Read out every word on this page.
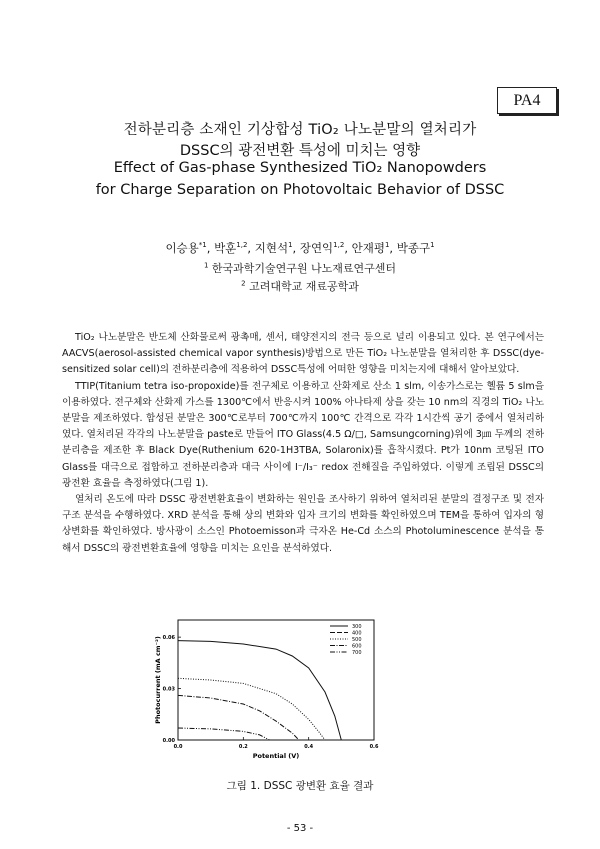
PA4
전하분리층 소재인 기상합성 TiO₂ 나노분말의 열처리가
DSSC의 광전변환 특성에 미치는 영향
Effect of Gas-phase Synthesized TiO₂ Nanopowders
for Charge Separation on Photovoltaic Behavior of DSSC
이승용$^{*1}$, 박훈$^{1,2}$, 지현석$^1$, 장연익$^{1,2}$, 안재평$^1$, 박종구$^1$
$^1$ 한국과학기술연구원 나노재료연구센터
$^2$ 고려대학교 재료공학과

TiO₂ 나노분말은 반도체 산화물로써 광촉매, 센서, 태양전지의 전극 등으로 널리 이용되고 있다. 본 연구에서는 AACVS(aerosol-assisted chemical vapor synthesis)방법으로 만든 TiO₂ 나노분말을 열처리한 후 DSSC(dye-sensitized solar cell)의 전하분리층에 적용하여 DSSC특성에 어떠한 영향을 미치는지에 대해서 알아보았다.

TTIP(Titanium tetra iso-propoxide)를 전구체로 이용하고 산화제로 산소 1 slm, 이송가스로는 헬륨 5 slm을 이용하였다. 전구체와 산화제 가스를 1300℃에서 반응시켜 100% 아나타제 상을 갖는 10 nm의 직경의 TiO₂ 나노분말을 제조하였다. 합성된 분말은 300℃로부터 700℃까지 100℃ 간격으로 각각 1시간씩 공기 중에서 열처리하였다. 열처리된 각각의 나노분말을 paste로 만들어 ITO Glass(4.5 Ω/□, Samsungcorning)위에 3㎛ 두께의 전하분리층을 제조한 후 Black Dye(Ruthenium 620-1H3TBA, Solaronix)를 흡착시켰다. Pt가 10nm 코팅된 ITO Glass를 대극으로 접합하고 전하분리층과 대극 사이에 I⁻/I₃⁻ redox 전해질을 주입하였다. 이렇게 조립된 DSSC의 광전환 효율을 측정하였다(그림 1).

열처리 온도에 따라 DSSC 광전변환효율이 변화하는 원인을 조사하기 위하여 열처리된 분말의 결정구조 및 전자구조 분석을 수행하였다. XRD 분석을 통해 상의 변화와 입자 크기의 변화를 확인하였으며 TEM을 통하여 입자의 형상변화를 확인하였다. 방사광이 소스인 Photoemisson과 극자온 He-Cd 소스의 Photoluminescence 분석을 통해서 DSSC의 광전변환효율에 영향을 미치는 요인을 분석하였다.

0.0	0.2	0.4	0.6
0.00
0.03
0.06
Potential (V)
Photocurrent (mA cm⁻²)
300
400
500
600
700
그림 1. DSSC 광변환 효율 결과
- 53 -
